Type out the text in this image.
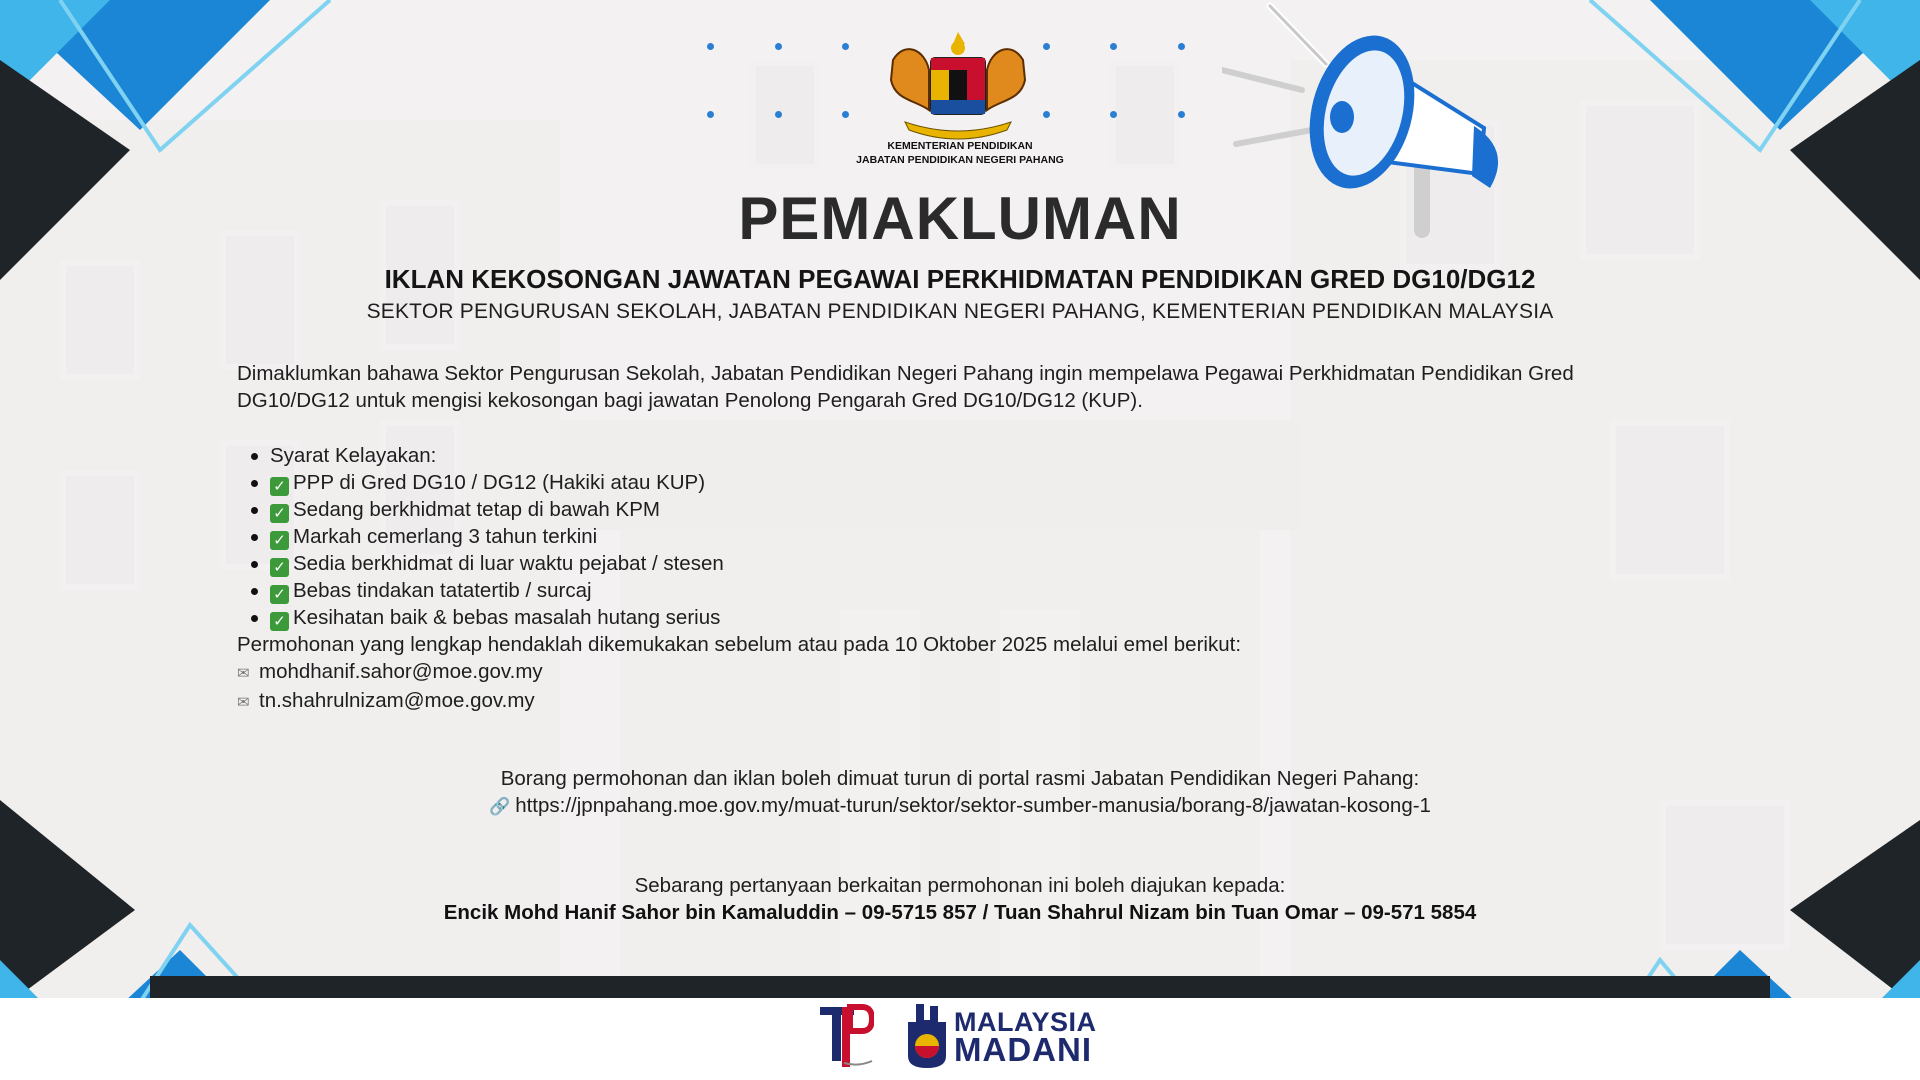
KEMENTERIAN PENDIDIKAN
JABATAN PENDIDIKAN NEGERI PAHANG
PEMAKLUMAN
IKLAN KEKOSONGAN JAWATAN PEGAWAI PERKHIDMATAN PENDIDIKAN GRED DG10/DG12
SEKTOR PENGURUSAN SEKOLAH, JABATAN PENDIDIKAN NEGERI PAHANG, KEMENTERIAN PENDIDIKAN MALAYSIA

Dimaklumkan bahawa Sektor Pengurusan Sekolah, Jabatan Pendidikan Negeri Pahang ingin mempelawa Pegawai Perkhidmatan Pendidikan Gred

DG10/DG12 untuk mengisi kekosongan bagi jawatan Penolong Pengarah Gred DG10/DG12 (KUP).

Syarat Kelayakan:
✓ PPP di Gred DG10 / DG12 (Hakiki atau KUP)
✓ Sedang berkhidmat tetap di bawah KPM
✓ Markah cemerlang 3 tahun terkini
✓ Sedia berkhidmat di luar waktu pejabat / stesen
✓ Bebas tindakan tatatertib / surcaj
✓ Kesihatan baik & bebas masalah hutang serius

Permohonan yang lengkap hendaklah dikemukakan sebelum atau pada 10 Oktober 2025 melalui emel berikut:

✉ mohdhanif.sahor@moe.gov.my

✉ tn.shahrulnizam@moe.gov.my

Borang permohonan dan iklan boleh dimuat turun di portal rasmi Jabatan Pendidikan Negeri Pahang:
🔗 https://jpnpahang.moe.gov.my/muat-turun/sektor/sektor-sumber-manusia/borang-8/jawatan-kosong-1
Sebarang pertanyaan berkaitan permohonan ini boleh diajukan kepada:
Encik Mohd Hanif Sahor bin Kamaluddin – 09-5715 857 / Tuan Shahrul Nizam bin Tuan Omar – 09-571 5854
MALAYSIA
MADANI
